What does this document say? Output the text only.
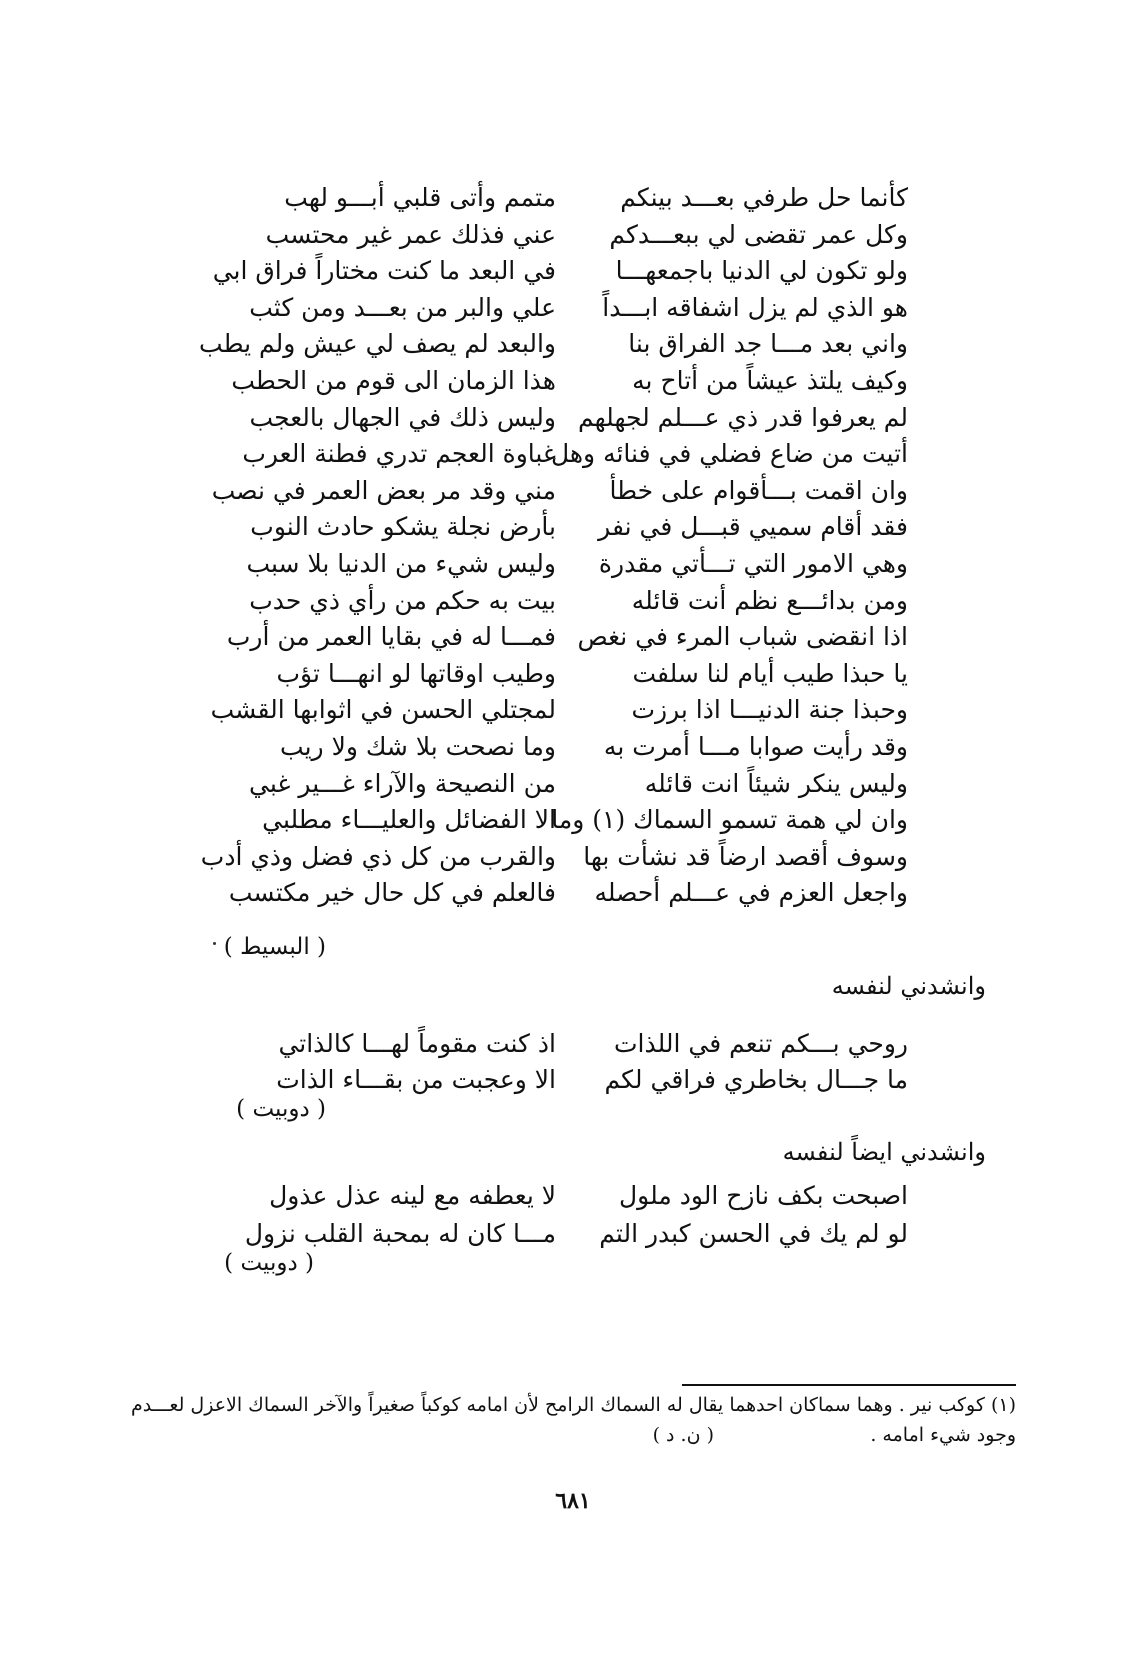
كأنما حل طرفي بعـــد بينكم
متمم وأتى قلبي أبـــو لهب
وكل عمر تقضى لي ببعـــدكم
عني فذلك عمر غير محتسب
ولو تكون لي الدنيا باجمعهـــا
في البعد ما كنت مختاراً فراق ابي
هو الذي لم يزل اشفاقه ابـــداً
علي والبر من بعـــد ومن كثب
واني بعد مـــا جد الفراق بنا
والبعد لم يصف لي عيش ولم يطب
وكيف يلتذ عيشاً من أتاح به
هذا الزمان الى قوم من الحطب
لم يعرفوا قدر ذي عـــلم لجهلهم
وليس ذلك في الجهال بالعجب
أتيت من ضاع فضلي في فنائه وهل
غباوة العجم تدري فطنة العرب
وان اقمت بـــأقوام على خطأ
مني وقد مر بعض العمر في نصب
فقد أقام سميي قبـــل في نفر
بأرض نجلة يشكو حادث النوب
وهي الامور التي تـــأتي مقدرة
وليس شيء من الدنيا بلا سبب
ومن بدائـــع نظم أنت قائله
بيت به حكم من رأي ذي حدب
اذا انقضى شباب المرء في نغص
فمـــا له في بقايا العمر من أرب
يا حبذا طيب أيام لنا سلفت
وطيب اوقاتها لو انهـــا تؤب
وحبذا جنة الدنيـــا اذا برزت
لمجتلي الحسن في اثوابها القشب
وقد رأيت صوابا مـــا أمرت به
وما نصحت بلا شك ولا ريب
وليس ينكر شيئاً انت قائله
من النصيحة والآراء غـــير غبي
وان لي همة تسمو السماك (١) وما
الا الفضائل والعليـــاء مطلبي
وسوف أقصد ارضاً قد نشأت بها
والقرب من كل ذي فضل وذي أدب
واجعل العزم في عـــلم أحصله
فالعلم في كل حال خير مكتسب
( البسيط )
وانشدني لنفسه
روحي بـــكم تنعم في اللذات
اذ كنت مقوماً لهـــا كالذاتي
ما جـــال بخاطري فراقي لكم
الا وعجبت من بقـــاء الذات
( دوبيت )
وانشدني ايضاً لنفسه
اصبحت بكف نازح الود ملول
لا يعطفه مع لينه عذل عذول
لو لم يك في الحسن كبدر التم
مـــا كان له بمحبة القلب نزول
( دوبيت )
(١) كوكب نير . وهما سماكان احدهما يقال له السماك الرامح لأن امامه كوكباً صغيراً والآخر السماك الاعزل لعـــدم
وجود شيء امامه .
( ن. د )
٦٨١
